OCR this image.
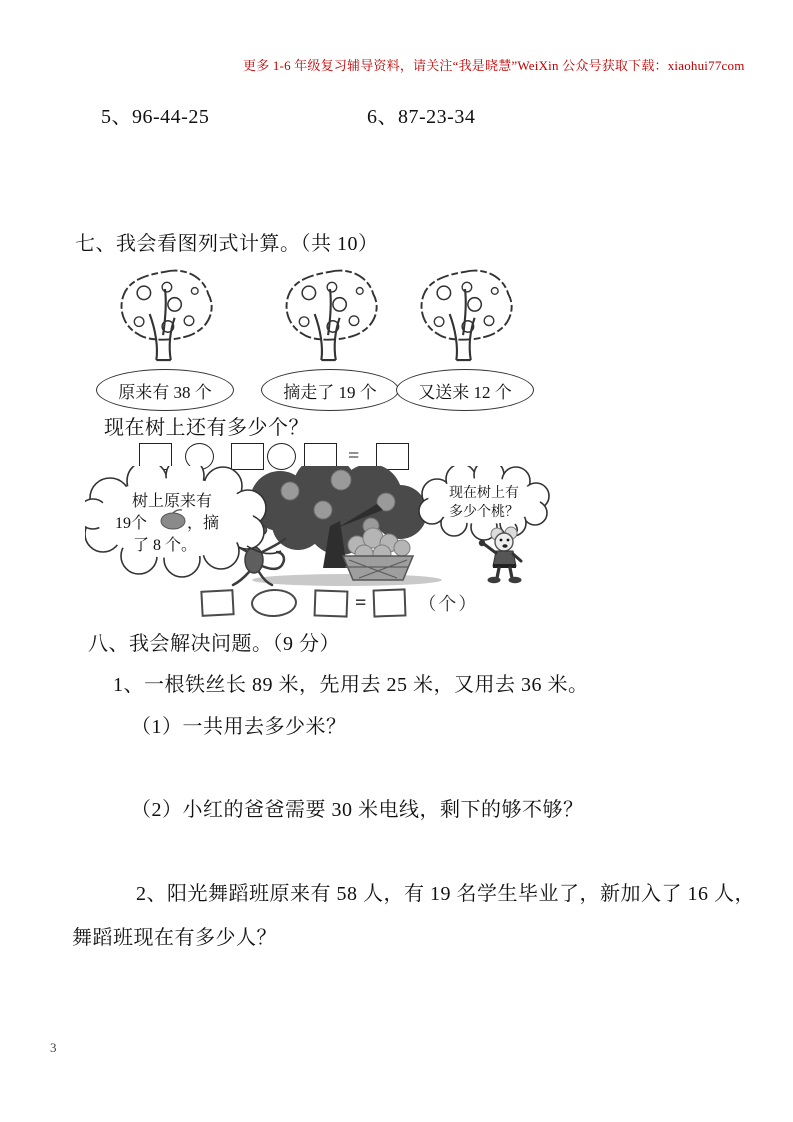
更多 1-6 年级复习辅导资料，请关注“我是晓慧”WeiXin 公众号获取下载：xiaohui77com
5、96-44-25	6、87-23-34
七、我会看图列式计算。（共 10）
原来有 38 个	摘走了 19 个	又送来 12 个
现在树上还有多少个？
=
树上原来有
19个 ，摘
了 8 个。
现在树上有
多少个桃？
=	（个）
八、我会解决问题。（9 分）
1、一根铁丝长 89 米，先用去 25 米，又用去 36 米。
（1）一共用去多少米？
（2）小红的爸爸需要 30 米电线，剩下的够不够？
2、阳光舞蹈班原来有 58 人，有 19 名学生毕业了，新加入了 16 人，
舞蹈班现在有多少人？
3
